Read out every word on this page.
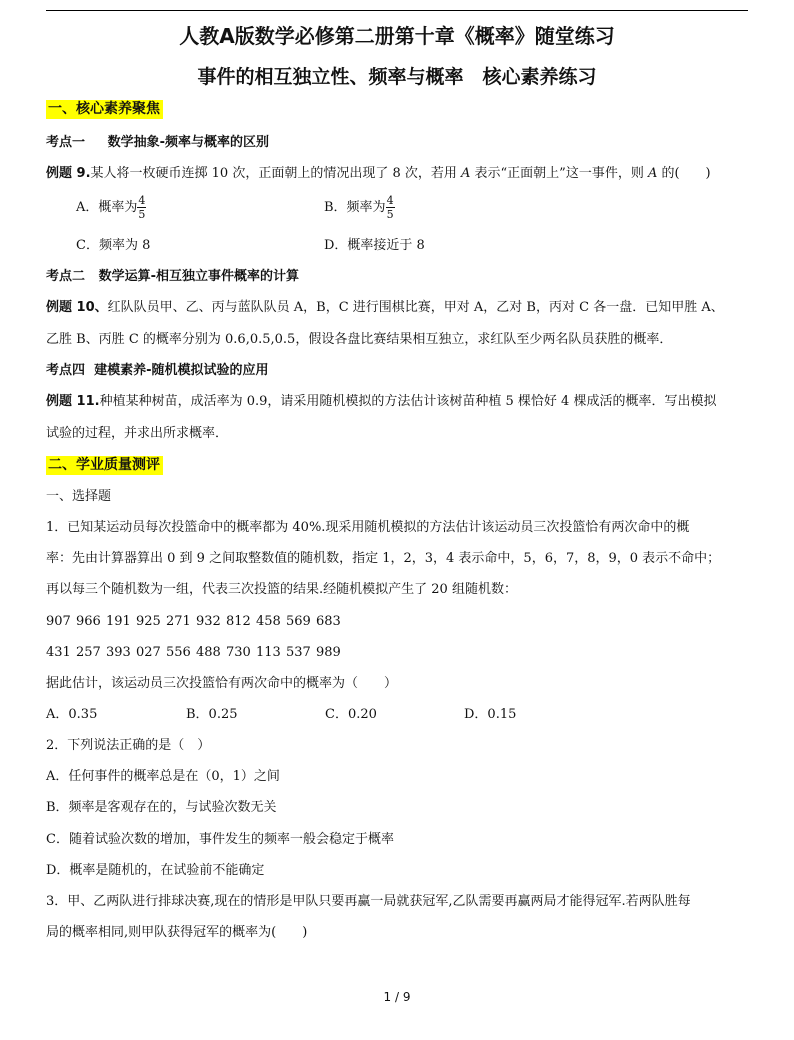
人教A版数学必修第二册第十章《概率》随堂练习
事件的相互独立性、频率与概率　核心素养练习
一、核心素养聚焦
考点一 数学抽象-频率与概率的区别
例题 9.某人将一枚硬币连掷 10 次，正面朝上的情况出现了 8 次，若用 A 表示“正面朝上”这一事件，则 A 的(　　)
A．概率为 $\frac{4}{5}$	B．频率为 $\frac{4}{5}$
C．频率为 8	D．概率接近于 8
考点二 数学运算-相互独立事件概率的计算
例题 10、红队队员甲、乙、丙与蓝队队员 A，B，C 进行围棋比赛，甲对 A，乙对 B，丙对 C 各一盘．已知甲胜 A、
乙胜 B、丙胜 C 的概率分别为 0.6,0.5,0.5，假设各盘比赛结果相互独立，求红队至少两名队员获胜的概率．
考点四 建模素养-随机模拟试验的应用
例题 11.种植某种树苗，成活率为 0.9，请采用随机模拟的方法估计该树苗种植 5 棵恰好 4 棵成活的概率．写出模拟
试验的过程，并求出所求概率．
二、学业质量测评
一、选择题
1．已知某运动员每次投篮命中的概率都为 40%.现采用随机模拟的方法估计该运动员三次投篮恰有两次命中的概
率：先由计算器算出 0 到 9 之间取整数值的随机数，指定 1，2，3，4 表示命中，5，6，7，8，9，0 表示不命中；
再以每三个随机数为一组，代表三次投篮的结果.经随机模拟产生了 20 组随机数：
907 966 191 925 271 932 812 458 569 683
431 257 393 027 556 488 730 113 537 989
据此估计，该运动员三次投篮恰有两次命中的概率为（　　）
A．0.35	B．0.25	C．0.20	D．0.15
2．下列说法正确的是（　）
A．任何事件的概率总是在（0，1）之间
B．频率是客观存在的，与试验次数无关
C．随着试验次数的增加，事件发生的频率一般会稳定于概率
D．概率是随机的，在试验前不能确定
3．甲、乙两队进行排球决赛,现在的情形是甲队只要再赢一局就获冠军,乙队需要再赢两局才能得冠军.若两队胜每
局的概率相同,则甲队获得冠军的概率为(　　)
1 / 9
